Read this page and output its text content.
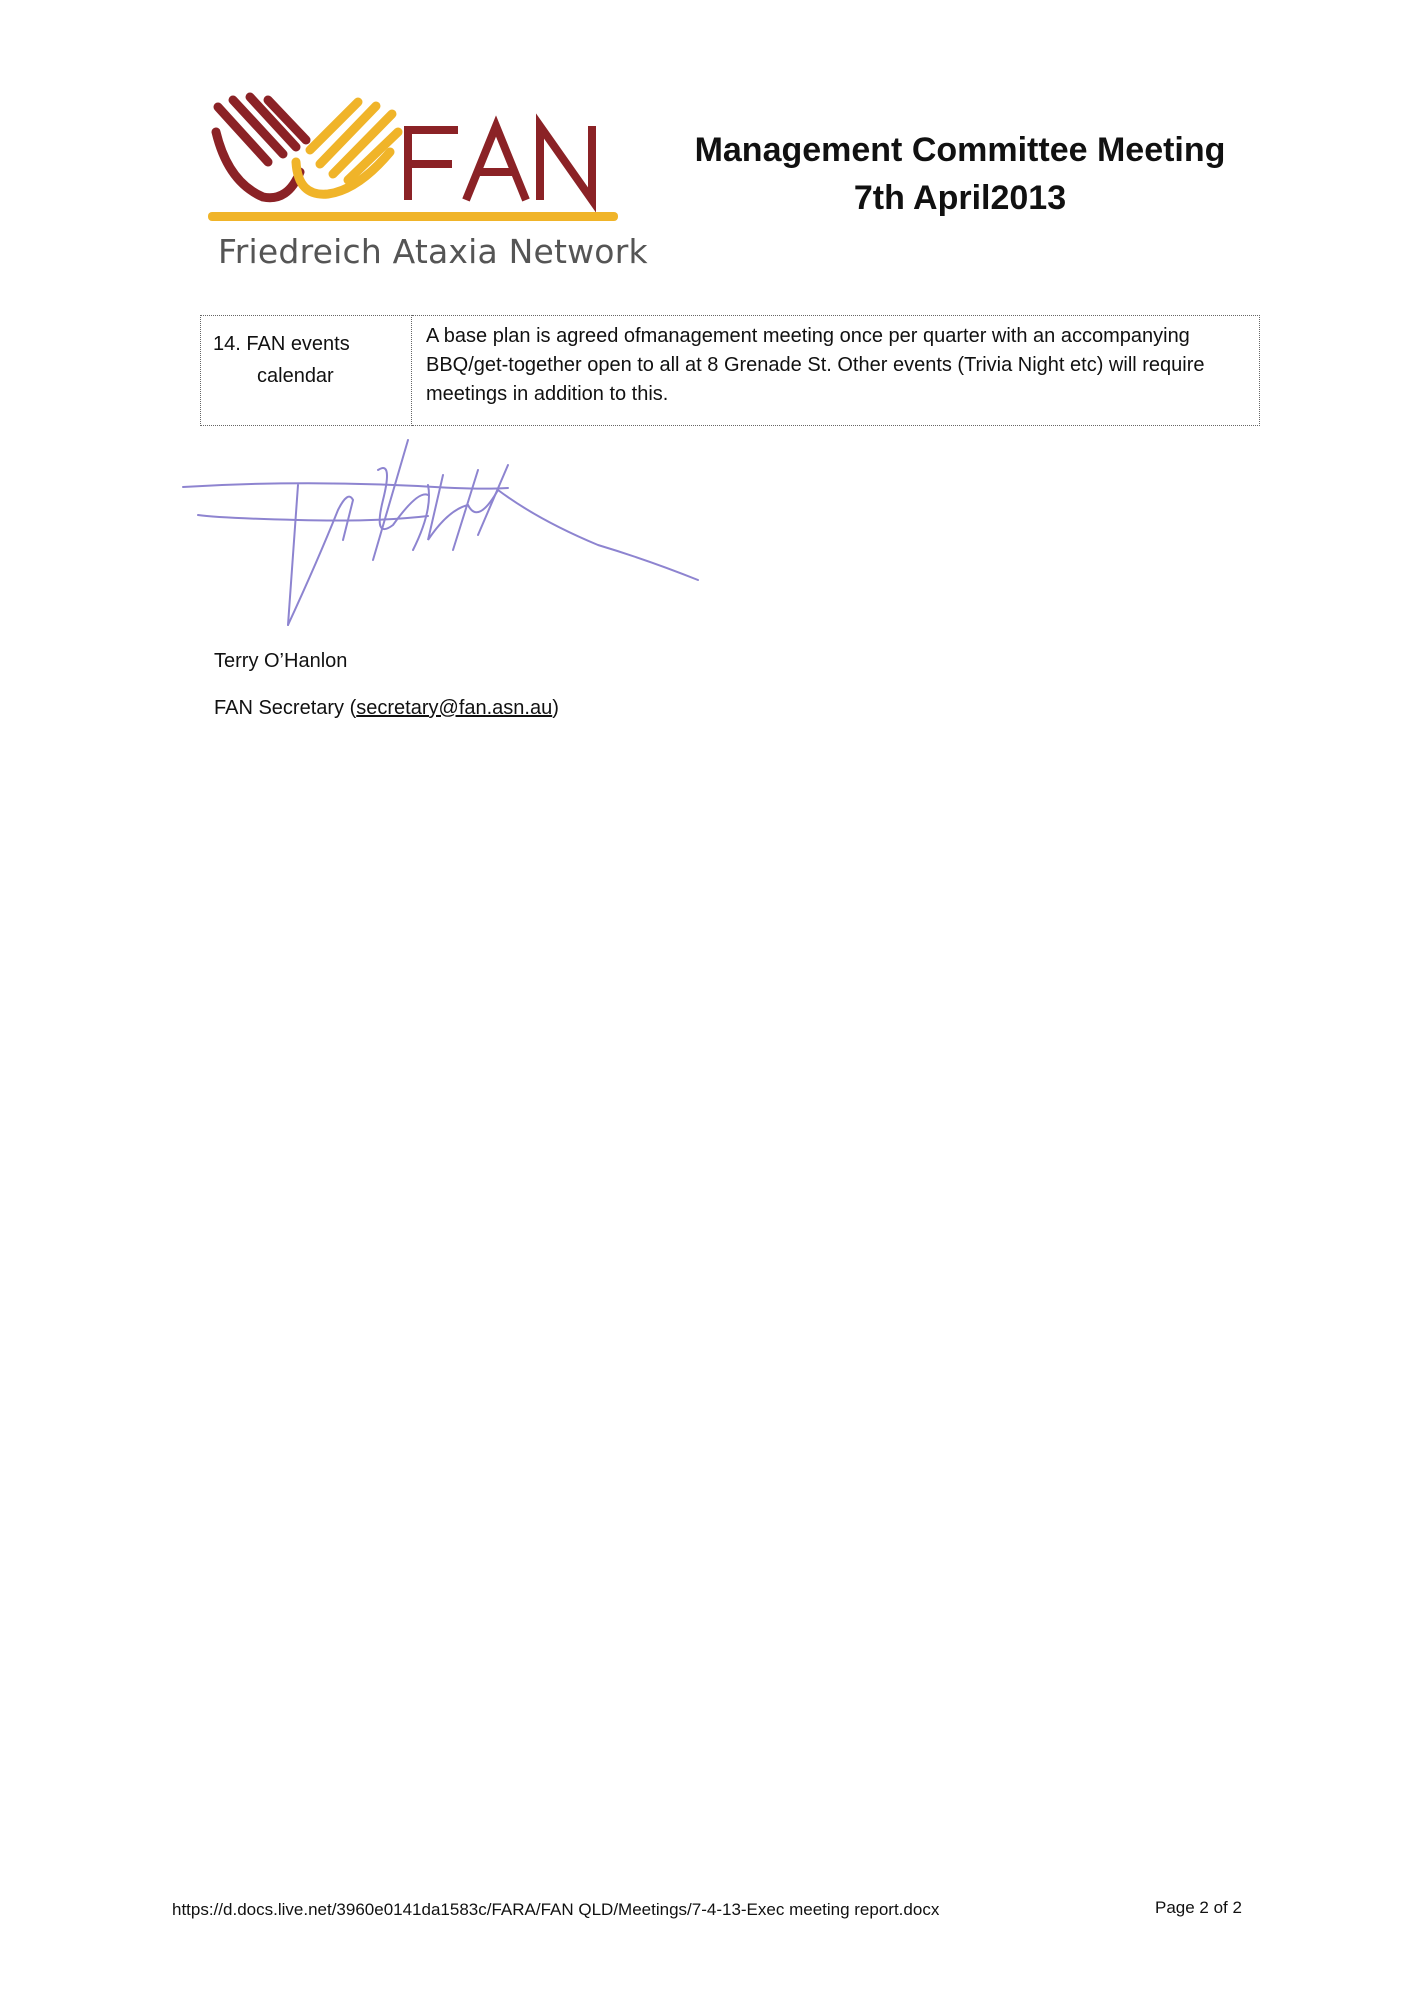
Friedreich Ataxia Network
Management Committee Meeting
7th April2013
14. FAN events
calendar
	A base plan is agreed ofmanagement meeting once per quarter with an accompanying BBQ/get-together open to all at 8 Grenade St. Other events (Trivia Night etc) will require meetings in addition to this.
Terry O’Hanlon
FAN Secretary (secretary@fan.asn.au)
https://d.docs.live.net/3960e0141da1583c/FARA/FAN QLD/Meetings/7-4-13-Exec meeting report.docx	Page 2 of 2
